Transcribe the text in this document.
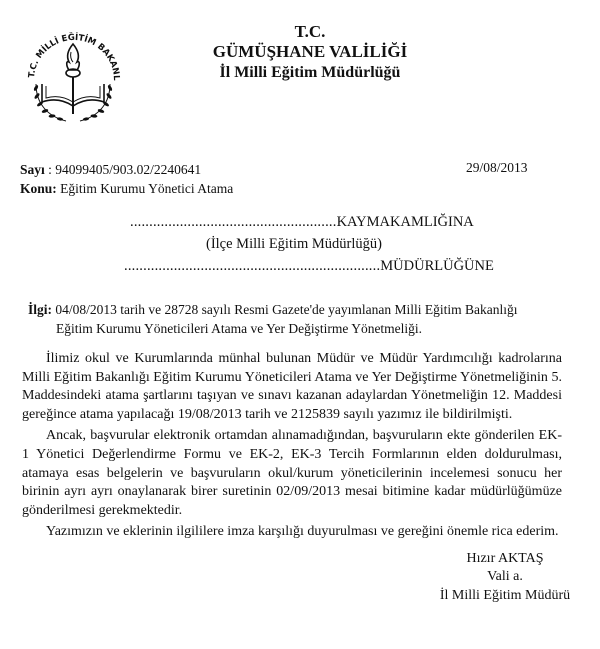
T.C. MİLLİ EĞİTİM BAKANL
T.C.
GÜMÜŞHANE VALİLİĞİ
İl Milli Eğitim Müdürlüğü
Sayı : 94099405/903.02/2240641
Konu: Eğitim Kurumu Yönetici Atama
29/08/2013
......................................................KAYMAKAMLIĞINA
(İlçe Milli Eğitim Müdürlüğü)
...................................................................MÜDÜRLÜĞÜNE
İlgi: 04/08/2013 tarih ve 28728 sayılı Resmi Gazete'de yayımlanan Milli Eğitim Bakanlığı
Eğitim Kurumu Yöneticileri Atama ve Yer Değiştirme Yönetmeliği.

İlimiz okul ve Kurumlarında münhal bulunan Müdür ve Müdür Yardımcılığı kadrolarına Milli Eğitim Bakanlığı Eğitim Kurumu Yöneticileri Atama ve Yer Değiştirme Yönetmeliğinin 5. Maddesindeki atama şartlarını taşıyan ve sınavı kazanan adaylardan Yönetmeliğin 12. Maddesi gereğince atama yapılacağı 19/08/2013 tarih ve 2125839 sayılı yazımız ile bildirilmişti.

Ancak, başvurular elektronik ortamdan alınamadığından, başvuruların ekte gönderilen EK-1 Yönetici Değerlendirme Formu ve EK-2, EK-3 Tercih Formlarının elden doldurulması, atamaya esas belgelerin ve başvuruların okul/kurum yöneticilerinin incelemesi sonucu her birinin ayrı ayrı onaylanarak birer suretinin 02/09/2013 mesai bitimine kadar müdürlüğümüze gönderilmesi gerekmektedir.

Yazımızın ve eklerinin ilgililere imza karşılığı duyurulması ve gereğini önemle rica ederim.

Hızır AKTAŞ
Vali a.
İl Milli Eğitim Müdürü
